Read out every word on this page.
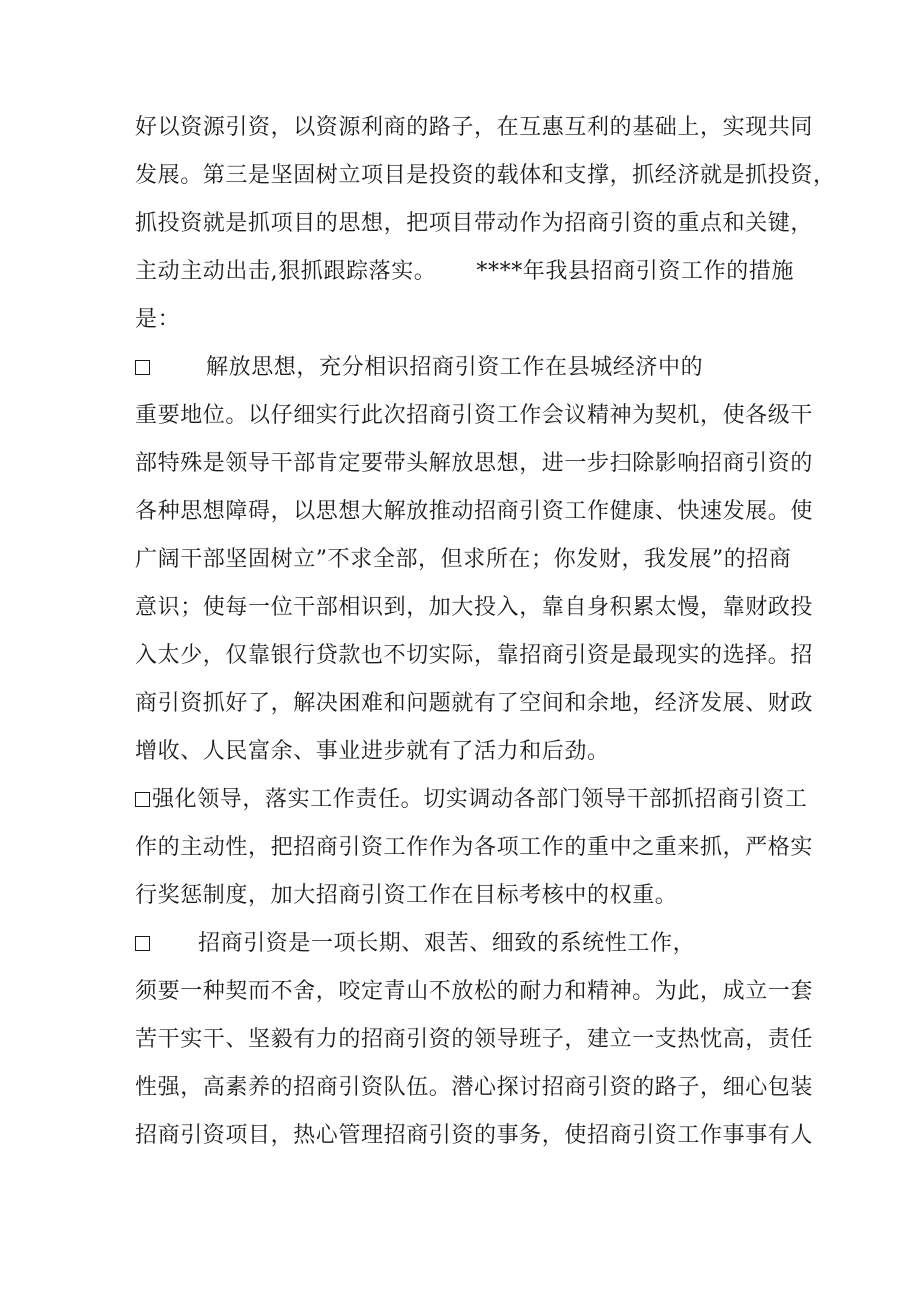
好以资源引资，以资源利商的路子，在互惠互利的基础上，实现共同
发展。第三是坚固树立项目是投资的载体和支撑，抓经济就是抓投资，
抓投资就是抓项目的思想，把项目带动作为招商引资的重点和关键，
主动主动出击,狠抓跟踪落实。 ****年我县招商引资工作的措施
是：
解放思想，充分相识招商引资工作在县城经济中的
重要地位。以仔细实行此次招商引资工作会议精神为契机，使各级干
部特殊是领导干部肯定要带头解放思想，进一步扫除影响招商引资的
各种思想障碍，以思想大解放推动招商引资工作健康、快速发展。使
广阔干部坚固树立”不求全部，但求所在；你发财，我发展”的招商
意识；使每一位干部相识到，加大投入，靠自身积累太慢，靠财政投
入太少，仅靠银行贷款也不切实际，靠招商引资是最现实的选择。招
商引资抓好了，解决困难和问题就有了空间和余地，经济发展、财政
增收、人民富余、事业进步就有了活力和后劲。
强化领导，落实工作责任。切实调动各部门领导干部抓招商引资工
作的主动性，把招商引资工作作为各项工作的重中之重来抓，严格实
行奖惩制度，加大招商引资工作在目标考核中的权重。
招商引资是一项长期、艰苦、细致的系统性工作，
须要一种契而不舍，咬定青山不放松的耐力和精神。为此，成立一套
苦干实干、坚毅有力的招商引资的领导班子，建立一支热忱高，责任
性强，高素养的招商引资队伍。潜心探讨招商引资的路子，细心包装
招商引资项目，热心管理招商引资的事务，使招商引资工作事事有人
